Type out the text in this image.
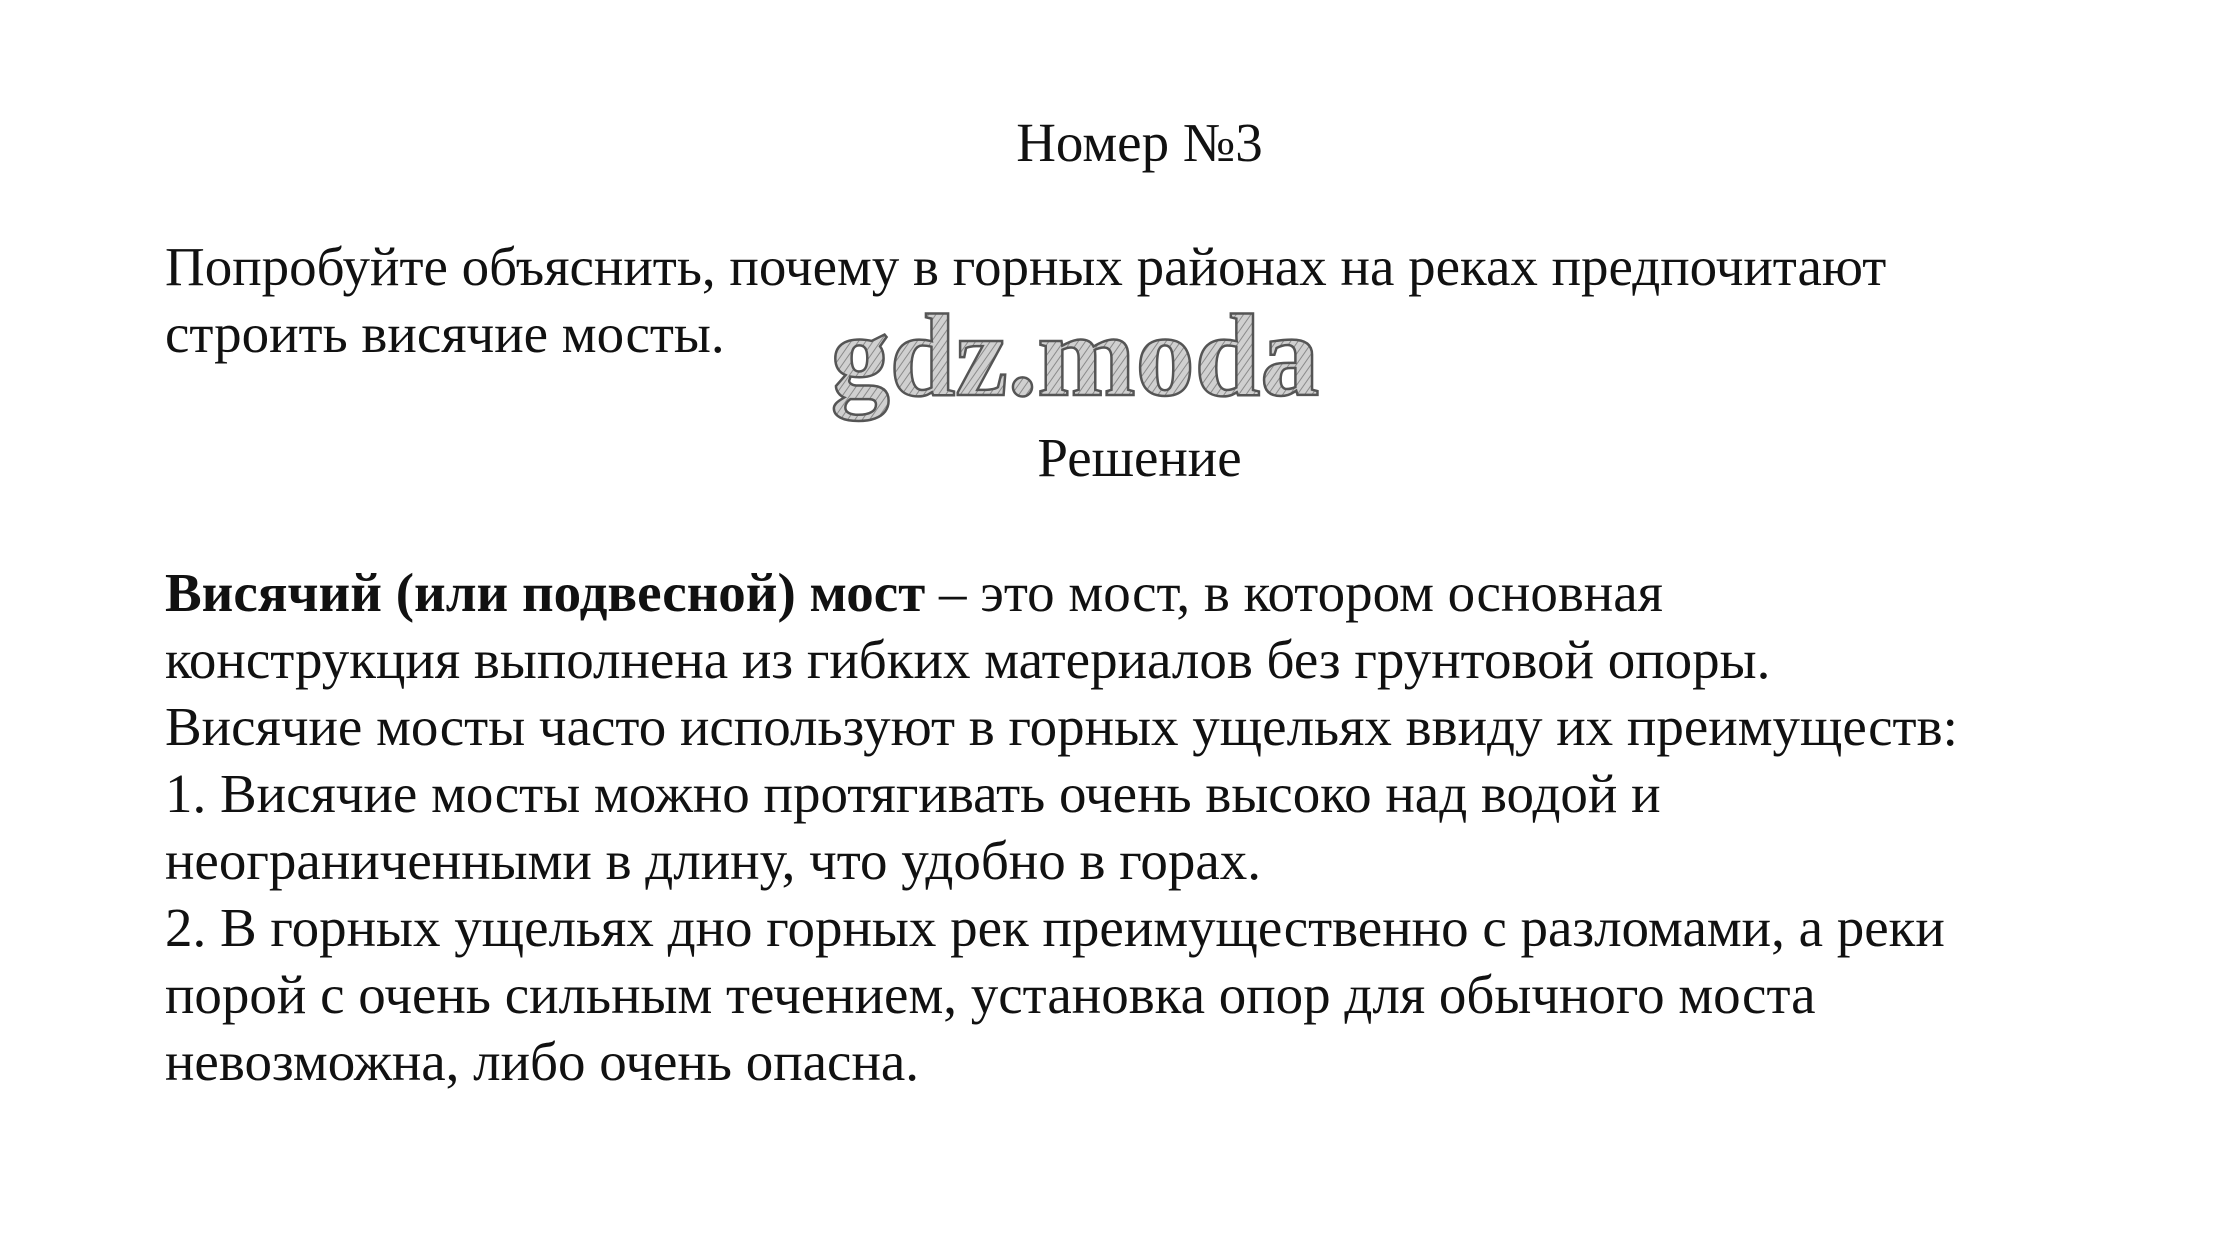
Номер №3
Попробуйте объяснить, почему в горных районах на реках предпочитают
строить висячие мосты. gdz.moda
Решение
Висячий (или подвесной) мост – это мост, в котором основная
конструкция выполнена из гибких материалов без грунтовой опоры.
Висячие мосты часто используют в горных ущельях ввиду их преимуществ:
1. Висячие мосты можно протягивать очень высоко над водой и
неограниченными в длину, что удобно в горах.
2. В горных ущельях дно горных рек преимущественно с разломами, а реки
порой с очень сильным течением, установка опор для обычного моста
невозможна, либо очень опасна.
